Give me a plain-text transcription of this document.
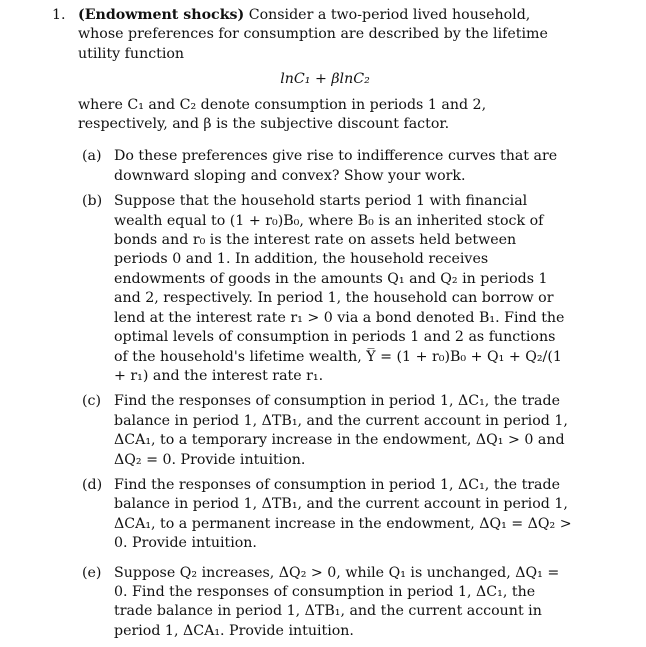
1. (Endowment shocks) Consider a two-period lived household, whose preferences for consumption are described by the lifetime utility function
lnC₁ + βlnC₂
where C₁ and C₂ denote consumption in periods 1 and 2, respectively, and β is the subjective discount factor.
(a) Do these preferences give rise to indifference curves that are downward sloping and convex? Show your work.
(b) Suppose that the household starts period 1 with financial wealth equal to (1 + r₀)B₀, where B₀ is an inherited stock of bonds and r₀ is the interest rate on assets held between periods 0 and 1. In addition, the household receives endowments of goods in the amounts Q₁ and Q₂ in periods 1 and 2, respectively. In period 1, the household can borrow or lend at the interest rate r₁ > 0 via a bond denoted B₁. Find the optimal levels of consumption in periods 1 and 2 as functions of the household's lifetime wealth, Y̅ = (1 + r₀)B₀ + Q₁ + Q₂/(1 + r₁) and the interest rate r₁.
(c) Find the responses of consumption in period 1, ΔC₁, the trade balance in period 1, ΔTB₁, and the current account in period 1, ΔCA₁, to a temporary increase in the endowment, ΔQ₁ > 0 and ΔQ₂ = 0. Provide intuition.
(d) Find the responses of consumption in period 1, ΔC₁, the trade balance in period 1, ΔTB₁, and the current account in period 1, ΔCA₁, to a permanent increase in the endowment, ΔQ₁ = ΔQ₂ > 0. Provide intuition.
(e) Suppose Q₂ increases, ΔQ₂ > 0, while Q₁ is unchanged, ΔQ₁ = 0. Find the responses of consumption in period 1, ΔC₁, the trade balance in period 1, ΔTB₁, and the current account in period 1, ΔCA₁. Provide intuition.
